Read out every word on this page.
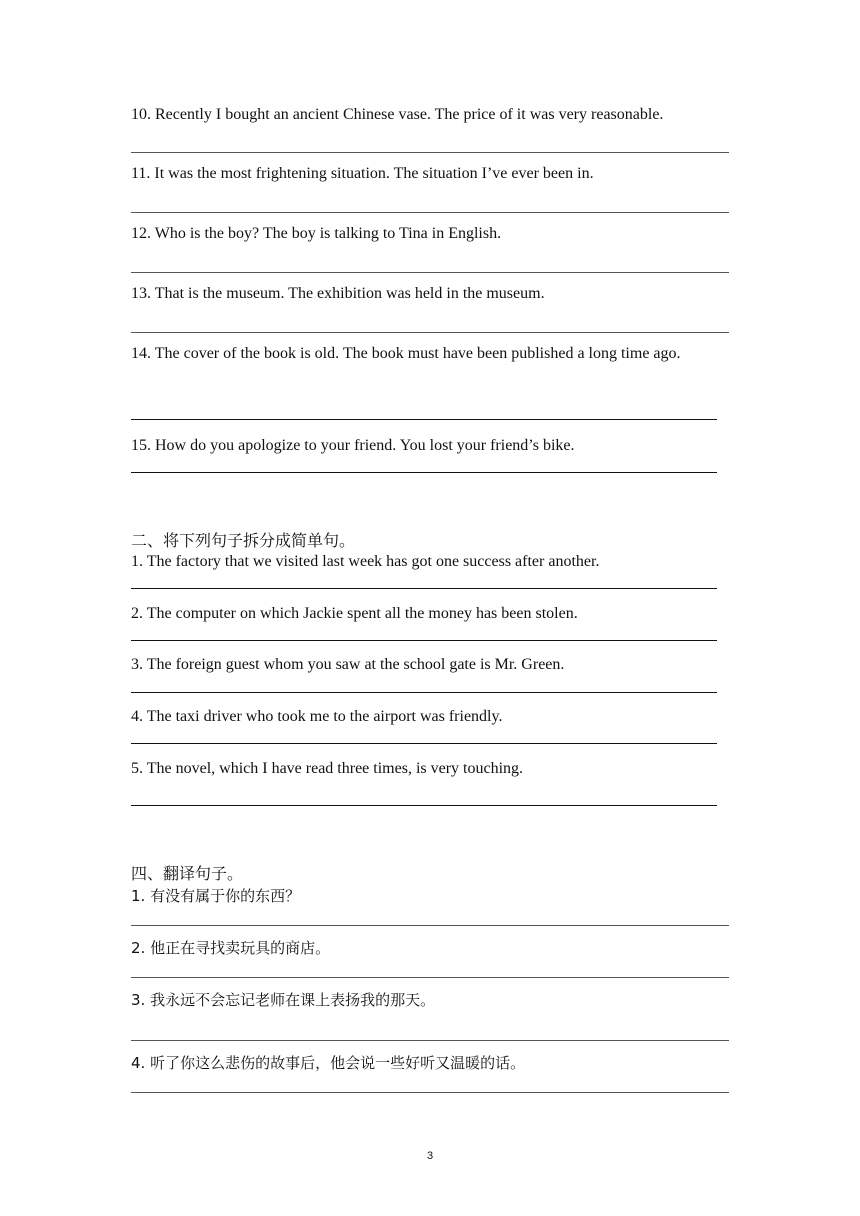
10. Recently I bought an ancient Chinese vase. The price of it was very reasonable.
11. It was the most frightening situation. The situation I’ve ever been in.
12. Who is the boy? The boy is talking to Tina in English.
13. That is the museum. The exhibition was held in the museum.
14. The cover of the book is old. The book must have been published a long time ago.
15. How do you apologize to your friend. You lost your friend’s bike.
二、将下列句子拆分成简单句。
1. The factory that we visited last week has got one success after another.
2. The computer on which Jackie spent all the money has been stolen.
3. The foreign guest whom you saw at the school gate is Mr. Green.
4. The taxi driver who took me to the airport was friendly.
5. The novel, which I have read three times, is very touching.
四、翻译句子。
1. 有没有属于你的东西？
2. 他正在寻找卖玩具的商店。
3. 我永远不会忘记老师在课上表扬我的那天。
4. 听了你这么悲伤的故事后，他会说一些好听又温暖的话。
3
